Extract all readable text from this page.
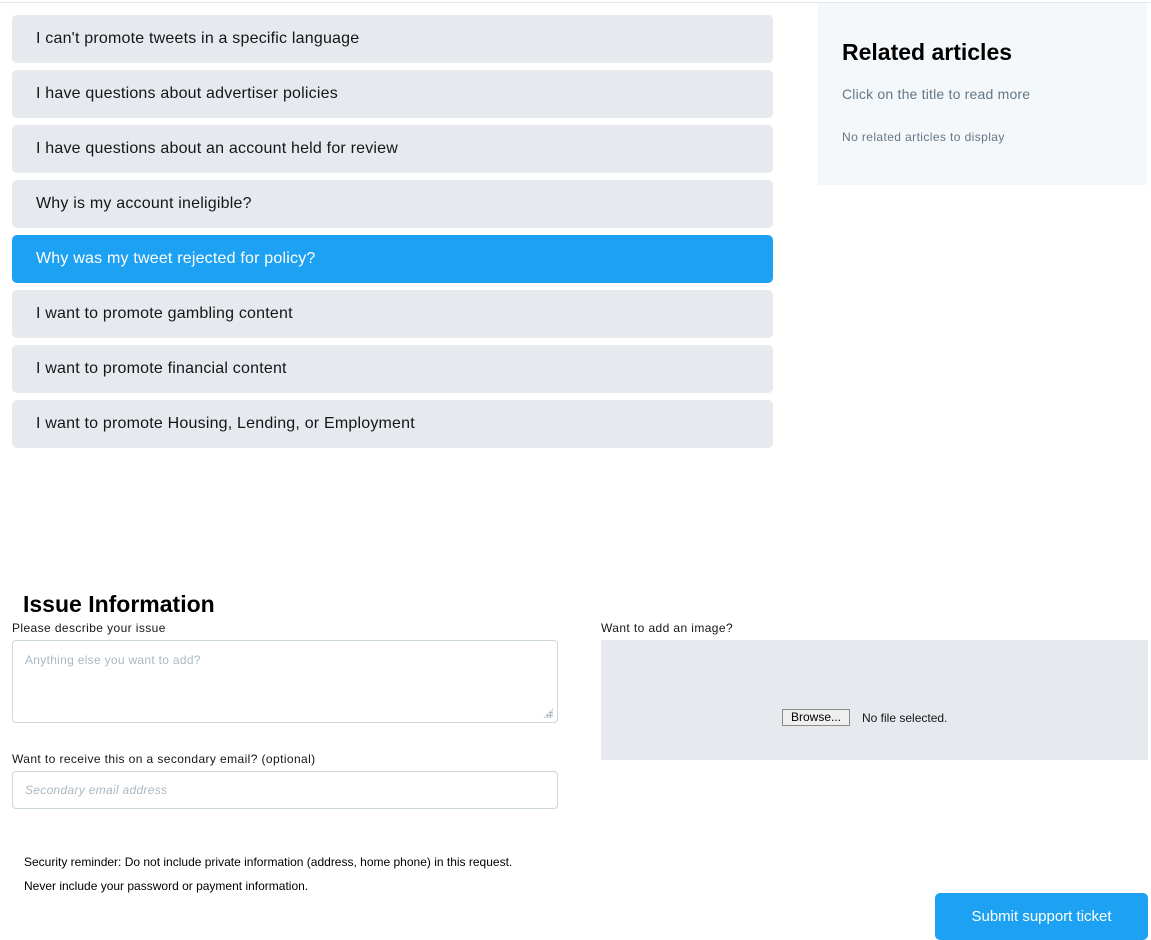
I can't promote tweets in a specific language
I have questions about advertiser policies
I have questions about an account held for review
Why is my account ineligible?
Why was my tweet rejected for policy?
I want to promote gambling content
I want to promote financial content
I want to promote Housing, Lending, or Employment
Related articles
Click on the title to read more
No related articles to display
Issue Information
Please describe your issue
Anything else you want to add?
Want to receive this on a secondary email? (optional)
Secondary email address
Want to add an image?
Browse...	No file selected.
Security reminder: Do not include private information (address, home phone) in this request.
Never include your password or payment information.
Submit support ticket
